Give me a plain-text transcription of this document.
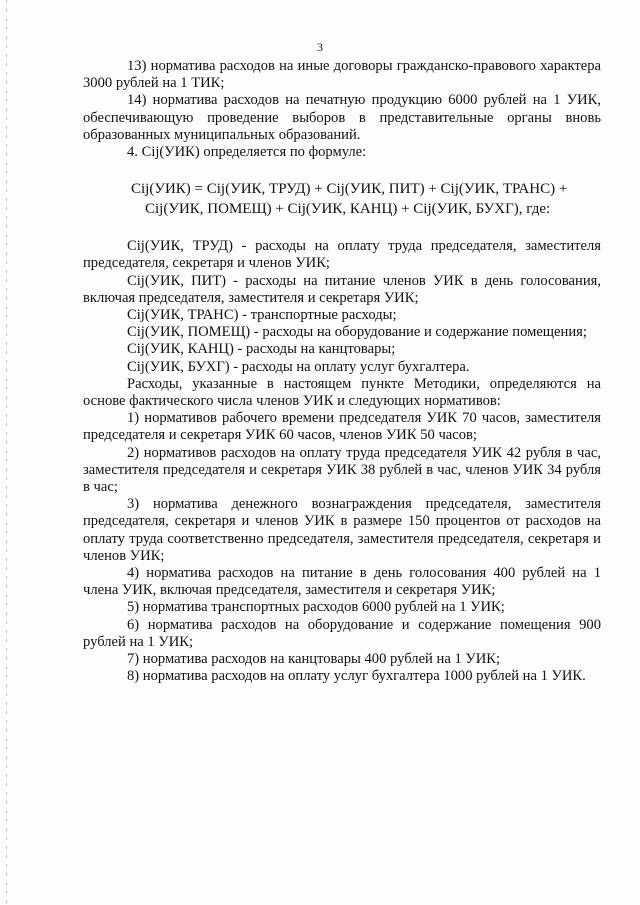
3

13) норматива расходов на иные договоры гражданско-правового характера 3000 рублей на 1 ТИК;

14) норматива расходов на печатную продукцию 6000 рублей на 1 УИК, обеспечивающую проведение выборов в представительные органы вновь образованных муниципальных образований.

4. Cij(УИК) определяется по формуле:

Cij(УИК) = Cij(УИК, ТРУД) + Cij(УИК, ПИТ) + Cij(УИК, ТРАНС) +
Cij(УИК, ПОМЕЩ) + Cij(УИК, КАНЦ) + Cij(УИК, БУХГ), где:

Cij(УИК, ТРУД) - расходы на оплату труда председателя, заместителя председателя, секретаря и членов УИК;

Cij(УИК, ПИТ) - расходы на питание членов УИК в день голосования, включая председателя, заместителя и секретаря УИК;

Cij(УИК, ТРАНС) - транспортные расходы;

Cij(УИК, ПОМЕЩ) - расходы на оборудование и содержание помещения;

Cij(УИК, КАНЦ) - расходы на канцтовары;

Cij(УИК, БУХГ) - расходы на оплату услуг бухгалтера.

Расходы, указанные в настоящем пункте Методики, определяются на основе фактического числа членов УИК и следующих нормативов:

1) нормативов рабочего времени председателя УИК 70 часов, заместителя председателя и секретаря УИК 60 часов, членов УИК 50 часов;

2) нормативов расходов на оплату труда председателя УИК 42 рубля в час, заместителя председателя и секретаря УИК 38 рублей в час, членов УИК 34 рубля в час;

3) норматива денежного вознаграждения председателя, заместителя председателя, секретаря и членов УИК в размере 150 процентов от расходов на оплату труда соответственно председателя, заместителя председателя, секретаря и членов УИК;

4) норматива расходов на питание в день голосования 400 рублей на 1 члена УИК, включая председателя, заместителя и секретаря УИК;

5) норматива транспортных расходов 6000 рублей на 1 УИК;

6) норматива расходов на оборудование и содержание помещения 900 рублей на 1 УИК;

7) норматива расходов на канцтовары 400 рублей на 1 УИК;

8) норматива расходов на оплату услуг бухгалтера 1000 рублей на 1 УИК.
